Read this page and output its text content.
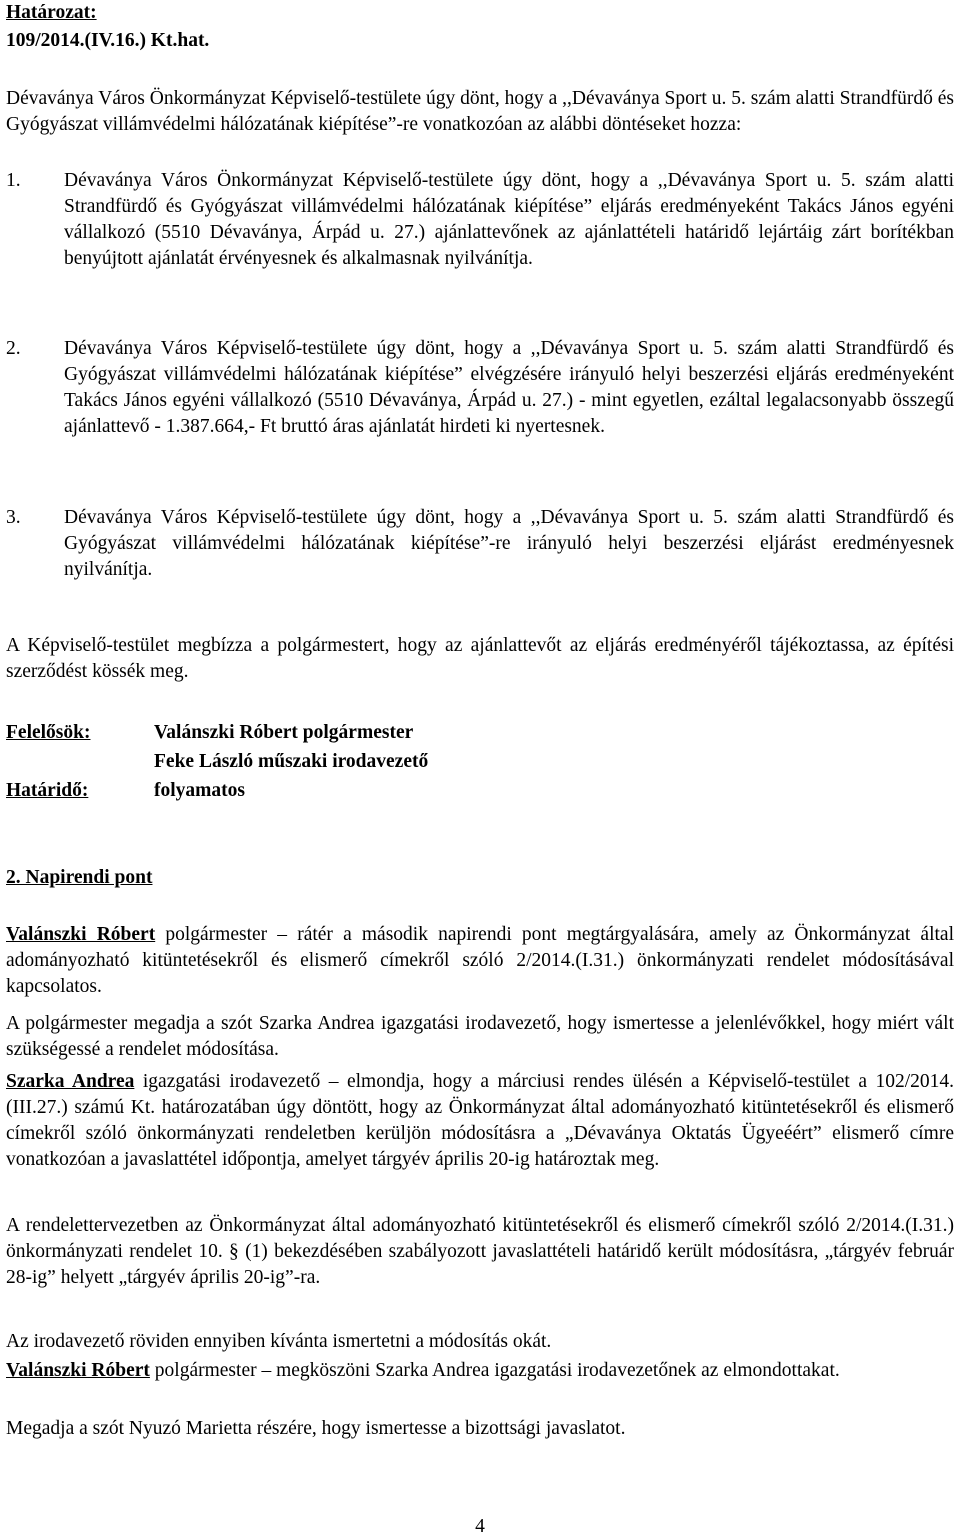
Határozat:
109/2014.(IV.16.) Kt.hat.
Dévaványa Város Önkormányzat Képviselő-testülete úgy dönt, hogy a ,,Dévaványa Sport u. 5. szám alatti Strandfürdő és Gyógyászat villámvédelmi hálózatának kiépítése”-re vonatkozóan az alábbi döntéseket hozza:
1.	Dévaványa Város Önkormányzat Képviselő-testülete úgy dönt, hogy a ,,Dévaványa Sport u. 5. szám alatti Strandfürdő és Gyógyászat villámvédelmi hálózatának kiépítése” eljárás eredményeként Takács János egyéni vállalkozó (5510 Dévaványa, Árpád u. 27.) ajánlattevőnek az ajánlattételi határidő lejártáig zárt borítékban benyújtott ajánlatát érvényesnek és alkalmasnak nyilvánítja.
2.	Dévaványa Város Képviselő-testülete úgy dönt, hogy a ,,Dévaványa Sport u. 5. szám alatti Strandfürdő és Gyógyászat villámvédelmi hálózatának kiépítése” elvégzésére irányuló helyi beszerzési eljárás eredményeként Takács János egyéni vállalkozó (5510 Dévaványa, Árpád u. 27.) - mint egyetlen, ezáltal legalacsonyabb összegű ajánlattevő - 1.387.664,- Ft bruttó áras ajánlatát hirdeti ki nyertesnek.
3.	Dévaványa Város Képviselő-testülete úgy dönt, hogy a ,,Dévaványa Sport u. 5. szám alatti Strandfürdő és Gyógyászat villámvédelmi hálózatának kiépítése”-re irányuló helyi beszerzési eljárást eredményesnek nyilvánítja.
A Képviselő-testület megbízza a polgármestert, hogy az ajánlattevőt az eljárás eredményéről tájékoztassa, az építési szerződést kössék meg.
Felelősök:	Valánszki Róbert polgármester
Feke László műszaki irodavezető
Határidő:	folyamatos
2. Napirendi pont
Valánszki Róbert polgármester – rátér a második napirendi pont megtárgyalására, amely az Önkormányzat által adományozható kitüntetésekről és elismerő címekről szóló 2/2014.(I.31.) önkormányzati rendelet módosításával kapcsolatos.
A polgármester megadja a szót Szarka Andrea igazgatási irodavezető, hogy ismertesse a jelenlévőkkel, hogy miért vált szükségessé a rendelet módosítása.
Szarka Andrea igazgatási irodavezető – elmondja, hogy a márciusi rendes ülésén a Képviselő-testület a 102/2014.(III.27.) számú Kt. határozatában úgy döntött, hogy az Önkormányzat által adományozható kitüntetésekről és elismerő címekről szóló önkormányzati rendeletben kerüljön módosításra a „Dévaványa Oktatás Ügyeéért” elismerő címre vonatkozóan a javaslattétel időpontja, amelyet tárgyév április 20-ig határoztak meg.
A rendelettervezetben az Önkormányzat által adományozható kitüntetésekről és elismerő címekről szóló 2/2014.(I.31.) önkormányzati rendelet 10. § (1) bekezdésében szabályozott javaslattételi határidő került módosításra, „tárgyév február 28-ig” helyett „tárgyév április 20-ig”-ra.
Az irodavezető röviden ennyiben kívánta ismertetni a módosítás okát.
Valánszki Róbert polgármester – megköszöni Szarka Andrea igazgatási irodavezetőnek az elmondottakat.
Megadja a szót Nyuzó Marietta részére, hogy ismertesse a bizottsági javaslatot.
4
